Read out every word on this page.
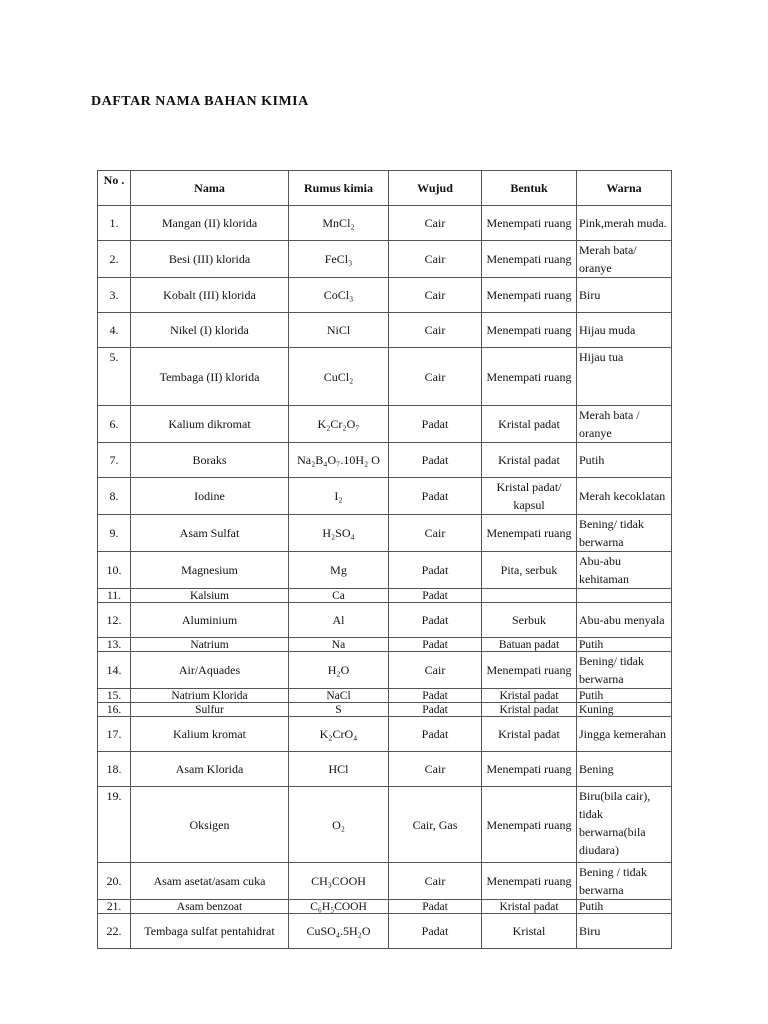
DAFTAR NAMA BAHAN KIMIA
No .	Nama	Rumus kimia	Wujud	Bentuk	Warna
1.	Mangan (II) klorida	MnCl₂	Cair	Menempati ruang	Pink,merah muda.
2.	Besi (III) klorida	FeCl₃	Cair	Menempati ruang	Merah bata/ oranye
3.	Kobalt (III) klorida	CoCl₃	Cair	Menempati ruang	Biru
4.	Nikel (I) klorida	NiCl	Cair	Menempati ruang	Hijau muda
5.	Tembaga (II) klorida	CuCl₂	Cair	Menempati ruang	Hijau tua
6.	Kalium dikromat	K₂Cr₂O₇	Padat	Kristal padat	Merah bata / oranye
7.	Boraks	Na₂B₄O₇.10H₂ O	Padat	Kristal padat	Putih
8.	Iodine	I₂	Padat	Kristal padat/ kapsul	Merah kecoklatan
9.	Asam Sulfat	H₂SO₄	Cair	Menempati ruang	Bening/ tidak berwarna
10.	Magnesium	Mg	Padat	Pita, serbuk	Abu-abu kehitaman
11.	Kalsium	Ca	Padat		
12.	Aluminium	Al	Padat	Serbuk	Abu-abu menyala
13.	Natrium	Na	Padat	Batuan padat	Putih
14.	Air/Aquades	H₂O	Cair	Menempati ruang	Bening/ tidak berwarna
15.	Natrium Klorida	NaCl	Padat	Kristal padat	Putih
16.	Sulfur	S	Padat	Kristal padat	Kuning
17.	Kalium kromat	K₂CrO₄	Padat	Kristal padat	Jingga kemerahan
18.	Asam Klorida	HCl	Cair	Menempati ruang	Bening
19.	Oksigen	O₂	Cair, Gas	Menempati ruang	Biru(bila cair), tidak berwarna(bila diudara)
20.	Asam asetat/asam cuka	CH₃COOH	Cair	Menempati ruang	Bening / tidak berwarna
21.	Asam benzoat	C₆H₅COOH	Padat	Kristal padat	Putih
22.	Tembaga sulfat pentahidrat	CuSO₄.5H₂O	Padat	Kristal	Biru
